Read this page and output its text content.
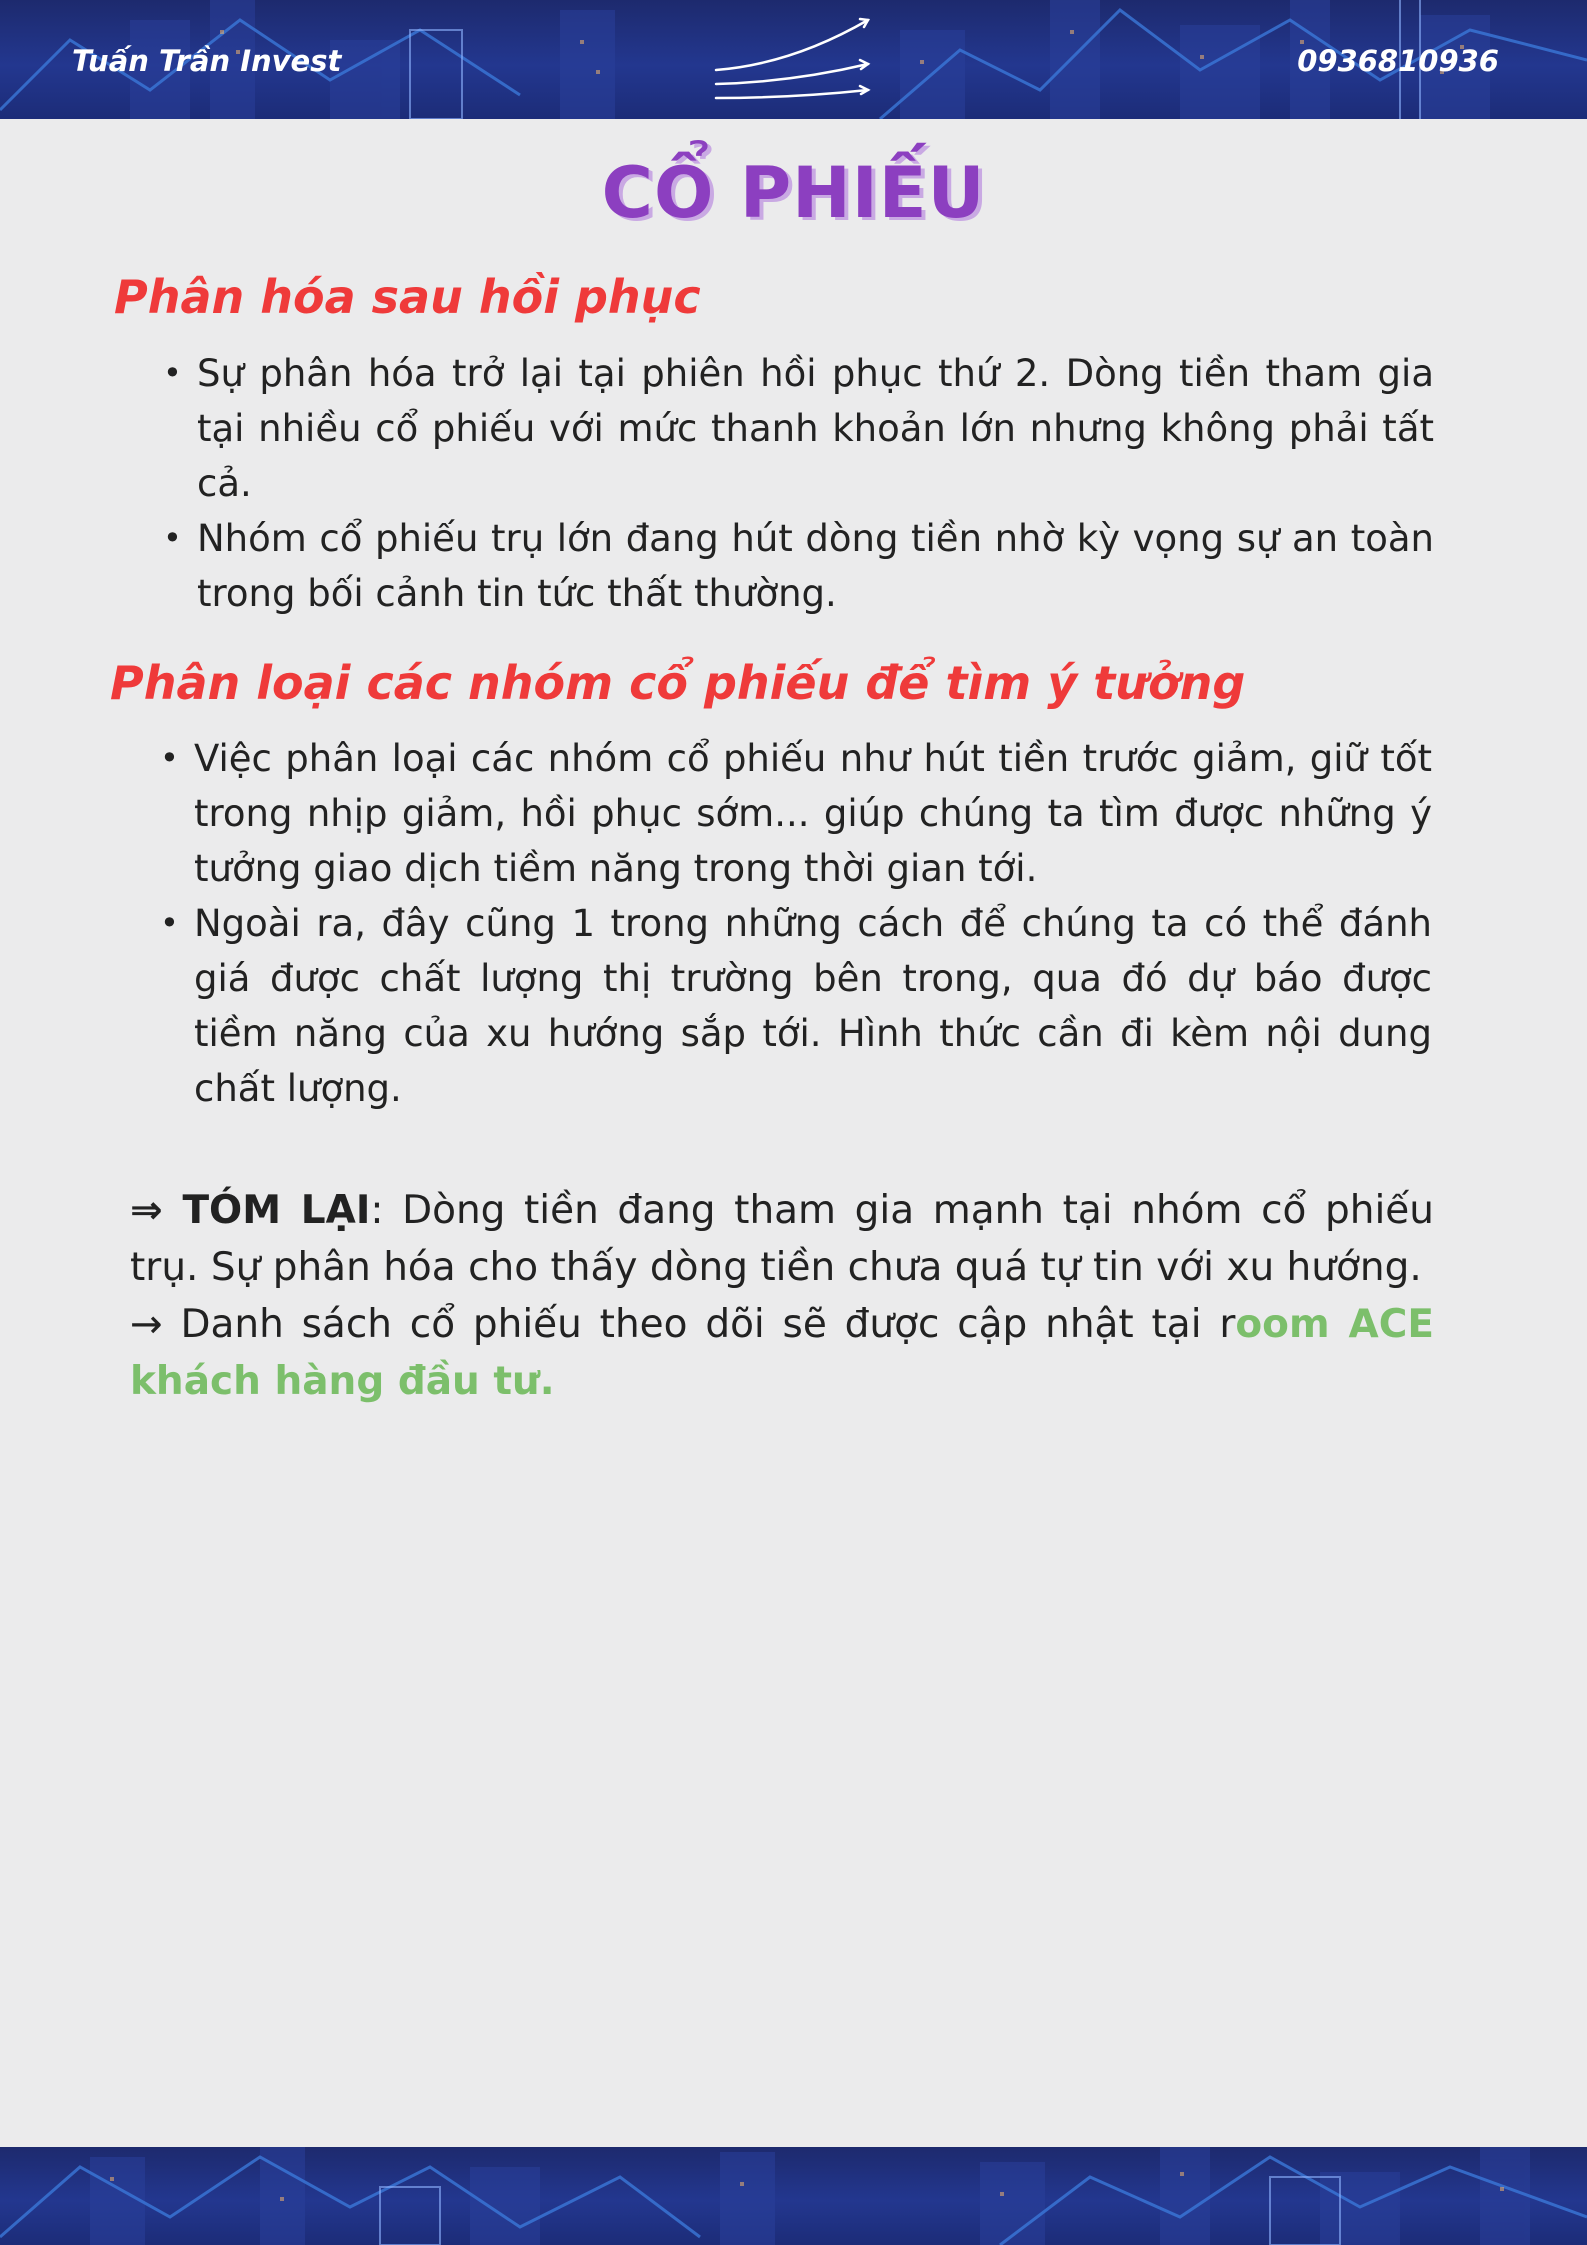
Tuấn Trần Invest	0936810936
CỔ PHIẾU
Phân hóa sau hồi phục
• Sự phân hóa trở lại tại phiên hồi phục thứ 2. Dòng tiền tham gia tại nhiều cổ phiếu với mức thanh khoản lớn nhưng không phải tất cả.
• Nhóm cổ phiếu trụ lớn đang hút dòng tiền nhờ kỳ vọng sự an toàn trong bối cảnh tin tức thất thường.
Phân loại các nhóm cổ phiếu để tìm ý tưởng
• Việc phân loại các nhóm cổ phiếu như hút tiền trước giảm, giữ tốt trong nhịp giảm, hồi phục sớm... giúp chúng ta tìm được những ý tưởng giao dịch tiềm năng trong thời gian tới.
• Ngoài ra, đây cũng 1 trong những cách để chúng ta có thể đánh giá được chất lượng thị trường bên trong, qua đó dự báo được tiềm năng của xu hướng sắp tới. Hình thức cần đi kèm nội dung chất lượng.

⇒ TÓM LẠI: Dòng tiền đang tham gia mạnh tại nhóm cổ phiếu trụ. Sự phân hóa cho thấy dòng tiền chưa quá tự tin với xu hướng.

→ Danh sách cổ phiếu theo dõi sẽ được cập nhật tại room ACE khách hàng đầu tư.
